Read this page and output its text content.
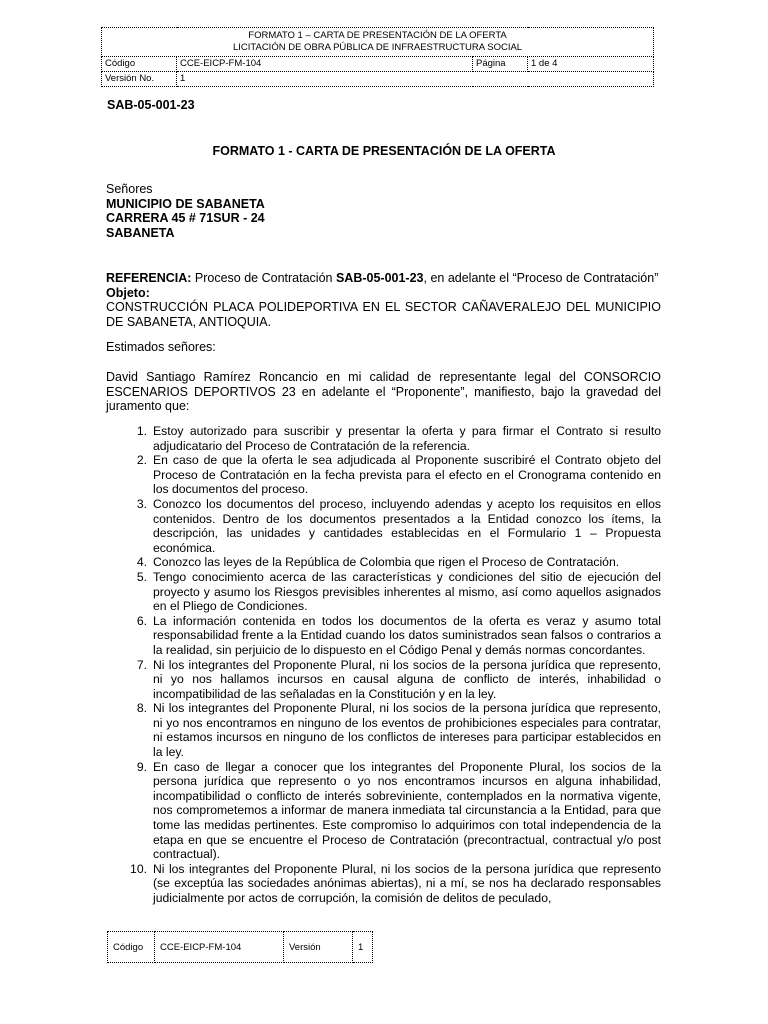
FORMATO 1 – CARTA DE PRESENTACIÓN DE LA OFERTA
LICITACIÓN DE OBRA PÚBLICA DE INFRAESTRUCTURA SOCIAL			

Código	CCE-EICP-FM-104	Página	1 de 4
Versión No.	1		
SAB-05-001-23
FORMATO 1 - CARTA DE PRESENTACIÓN DE LA OFERTA
Señores
MUNICIPIO DE SABANETA
CARRERA 45 # 71SUR - 24
SABANETA
REFERENCIA: Proceso de Contratación SAB-05-001-23, en adelante el “Proceso de Contratación”
Objeto:
CONSTRUCCIÓN PLACA POLIDEPORTIVA EN EL SECTOR CAÑAVERALEJO DEL MUNICIPIO DE SABANETA, ANTIOQUIA.
Estimados señores:
David Santiago Ramírez Roncancio en mi calidad de representante legal del CONSORCIO ESCENARIOS DEPORTIVOS 23 en adelante el “Proponente”, manifiesto, bajo la gravedad del juramento que:
1. Estoy autorizado para suscribir y presentar la oferta y para firmar el Contrato si resulto adjudicatario del Proceso de Contratación de la referencia.
2. En caso de que la oferta le sea adjudicada al Proponente suscribiré el Contrato objeto del Proceso de Contratación en la fecha prevista para el efecto en el Cronograma contenido en los documentos del proceso.
3. Conozco los documentos del proceso, incluyendo adendas y acepto los requisitos en ellos contenidos. Dentro de los documentos presentados a la Entidad conozco los ítems, la descripción, las unidades y cantidades establecidas en el Formulario 1 – Propuesta económica.
4. Conozco las leyes de la República de Colombia que rigen el Proceso de Contratación.
5. Tengo conocimiento acerca de las características y condiciones del sitio de ejecución del proyecto y asumo los Riesgos previsibles inherentes al mismo, así como aquellos asignados en el Pliego de Condiciones.
6. La información contenida en todos los documentos de la oferta es veraz y asumo total responsabilidad frente a la Entidad cuando los datos suministrados sean falsos o contrarios a la realidad, sin perjuicio de lo dispuesto en el Código Penal y demás normas concordantes.
7. Ni los integrantes del Proponente Plural, ni los socios de la persona jurídica que represento, ni yo nos hallamos incursos en causal alguna de conflicto de interés, inhabilidad o incompatibilidad de las señaladas en la Constitución y en la ley.
8. Ni los integrantes del Proponente Plural, ni los socios de la persona jurídica que represento, ni yo nos encontramos en ninguno de los eventos de prohibiciones especiales para contratar, ni estamos incursos en ninguno de los conflictos de intereses para participar establecidos en la ley.
9. En caso de llegar a conocer que los integrantes del Proponente Plural, los socios de la persona jurídica que represento o yo nos encontramos incursos en alguna inhabilidad, incompatibilidad o conflicto de interés sobreviniente, contemplados en la normativa vigente, nos comprometemos a informar de manera inmediata tal circunstancia a la Entidad, para que tome las medidas pertinentes. Este compromiso lo adquirimos con total independencia de la etapa en que se encuentre el Proceso de Contratación (precontractual, contractual y/o post contractual).
10. Ni los integrantes del Proponente Plural, ni los socios de la persona jurídica que represento (se exceptúa las sociedades anónimas abiertas), ni a mí, se nos ha declarado responsables judicialmente por actos de corrupción, la comisión de delitos de peculado,
Código	CCE-EICP-FM-104	Versión	1
